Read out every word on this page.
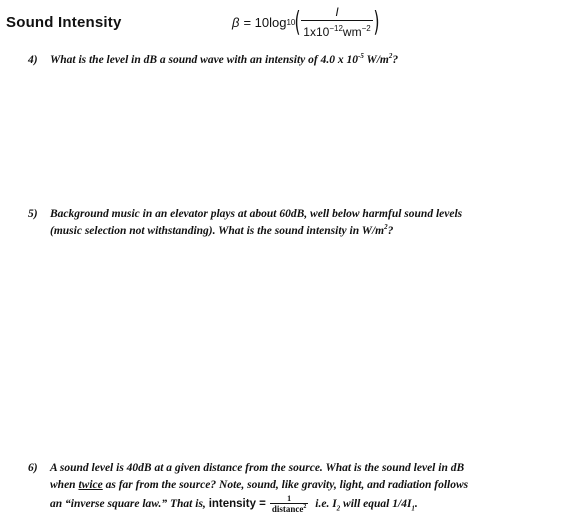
Sound Intensity	β = 10log 10 ( $\frac{I}{1x10^{-12}wm^{-2}}$ )
4) What is the level in dB a sound wave with an intensity of 4.0 x $10^{-5}$ $W/m^2$?
5) Background music in an elevator plays at about 60dB, well below harmful sound levels
(music selection not withstanding). What is the sound intensity in $W/m^2$?
6) A sound level is 40dB at a given distance from the source. What is the sound level in dB
when twice as far from the source? Note, sound, like gravity, light, and radiation follows
an “inverse square law.” That is, intensity =	1
distance$^2$ i.e. $I_2$ will equal $1/4I_1$.
